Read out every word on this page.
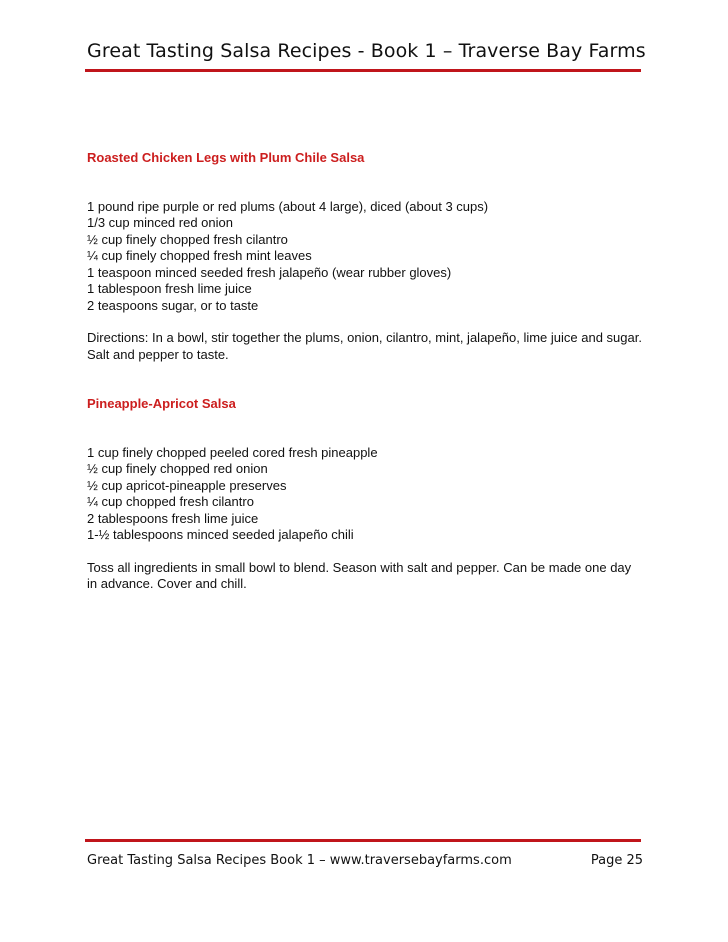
Great Tasting Salsa Recipes - Book 1 – Traverse Bay Farms

Roasted Chicken Legs with Plum Chile Salsa

1 pound ripe purple or red plums (about 4 large), diced (about 3 cups)
1/3 cup minced red onion
½ cup finely chopped fresh cilantro
¼ cup finely chopped fresh mint leaves
1 teaspoon minced seeded fresh jalapeño (wear rubber gloves)
1 tablespoon fresh lime juice
2 teaspoons sugar, or to taste
Directions: In a bowl, stir together the plums, onion, cilantro, mint, jalapeño, lime juice and sugar. Salt and pepper to taste.

Pineapple-Apricot Salsa

1 cup finely chopped peeled cored fresh pineapple
½ cup finely chopped red onion
½ cup apricot-pineapple preserves
¼ cup chopped fresh cilantro
2 tablespoons fresh lime juice
1-½ tablespoons minced seeded jalapeño chili
Toss all ingredients in small bowl to blend. Season with salt and pepper. Can be made one day in advance. Cover and chill.
Great Tasting Salsa Recipes Book 1 – www.traversebayfarms.com	Page 25
